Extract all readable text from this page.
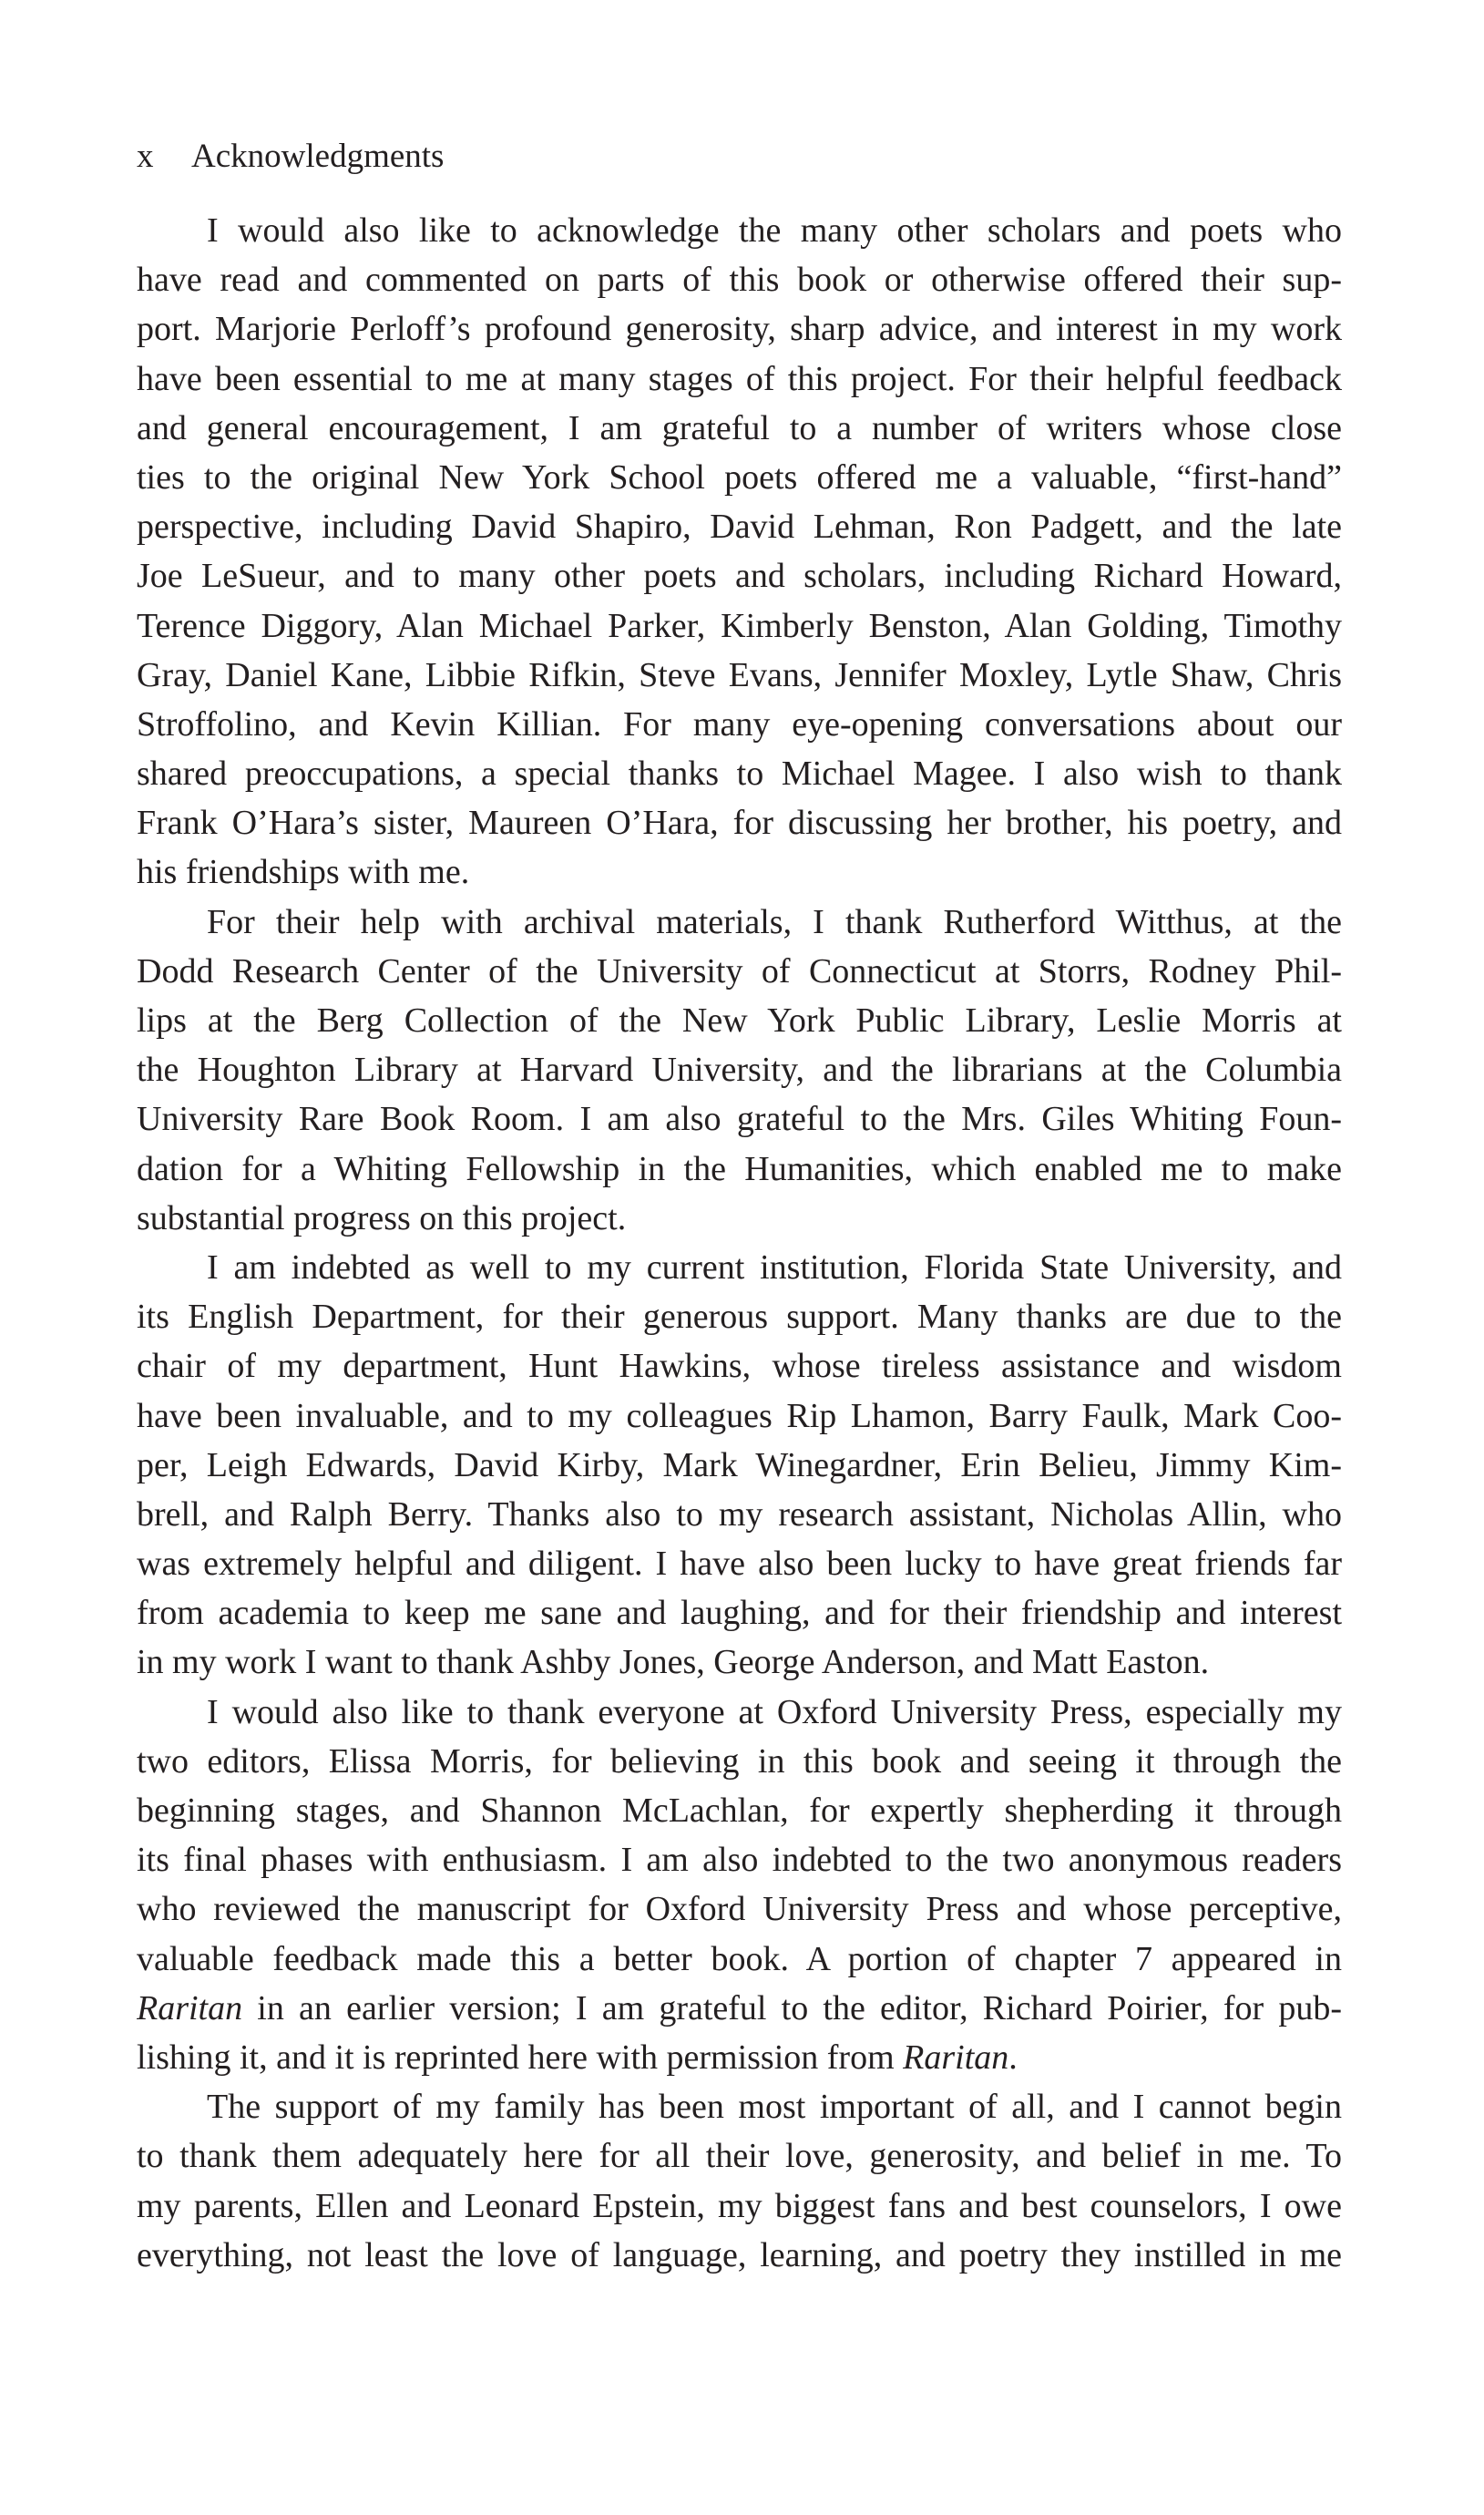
x Acknowledgments

I would also like to acknowledge the many other scholars and poets who
have read and commented on parts of this book or otherwise offered their sup-
port. Marjorie Perloff’s profound generosity, sharp advice, and interest in my work
have been essential to me at many stages of this project. For their helpful feedback
and general encouragement, I am grateful to a number of writers whose close
ties to the original New York School poets offered me a valuable, “first-hand”
perspective, including David Shapiro, David Lehman, Ron Padgett, and the late
Joe LeSueur, and to many other poets and scholars, including Richard Howard,
Terence Diggory, Alan Michael Parker, Kimberly Benston, Alan Golding, Timothy
Gray, Daniel Kane, Libbie Rifkin, Steve Evans, Jennifer Moxley, Lytle Shaw, Chris
Stroffolino, and Kevin Killian. For many eye-opening conversations about our
shared preoccupations, a special thanks to Michael Magee. I also wish to thank
Frank O’Hara’s sister, Maureen O’Hara, for discussing her brother, his poetry, and
his friendships with me.

For their help with archival materials, I thank Rutherford Witthus, at the
Dodd Research Center of the University of Connecticut at Storrs, Rodney Phil-
lips at the Berg Collection of the New York Public Library, Leslie Morris at
the Houghton Library at Harvard University, and the librarians at the Columbia
University Rare Book Room. I am also grateful to the Mrs. Giles Whiting Foun-
dation for a Whiting Fellowship in the Humanities, which enabled me to make
substantial progress on this project.

I am indebted as well to my current institution, Florida State University, and
its English Department, for their generous support. Many thanks are due to the
chair of my department, Hunt Hawkins, whose tireless assistance and wisdom
have been invaluable, and to my colleagues Rip Lhamon, Barry Faulk, Mark Coo-
per, Leigh Edwards, David Kirby, Mark Winegardner, Erin Belieu, Jimmy Kim-
brell, and Ralph Berry. Thanks also to my research assistant, Nicholas Allin, who
was extremely helpful and diligent. I have also been lucky to have great friends far
from academia to keep me sane and laughing, and for their friendship and interest
in my work I want to thank Ashby Jones, George Anderson, and Matt Easton.

I would also like to thank everyone at Oxford University Press, especially my
two editors, Elissa Morris, for believing in this book and seeing it through the
beginning stages, and Shannon McLachlan, for expertly shepherding it through
its final phases with enthusiasm. I am also indebted to the two anonymous readers
who reviewed the manuscript for Oxford University Press and whose perceptive,
valuable feedback made this a better book. A portion of chapter 7 appeared in
Raritan in an earlier version; I am grateful to the editor, Richard Poirier, for pub-
lishing it, and it is reprinted here with permission from Raritan.

The support of my family has been most important of all, and I cannot begin
to thank them adequately here for all their love, generosity, and belief in me. To
my parents, Ellen and Leonard Epstein, my biggest fans and best counselors, I owe
everything, not least the love of language, learning, and poetry they instilled in me
